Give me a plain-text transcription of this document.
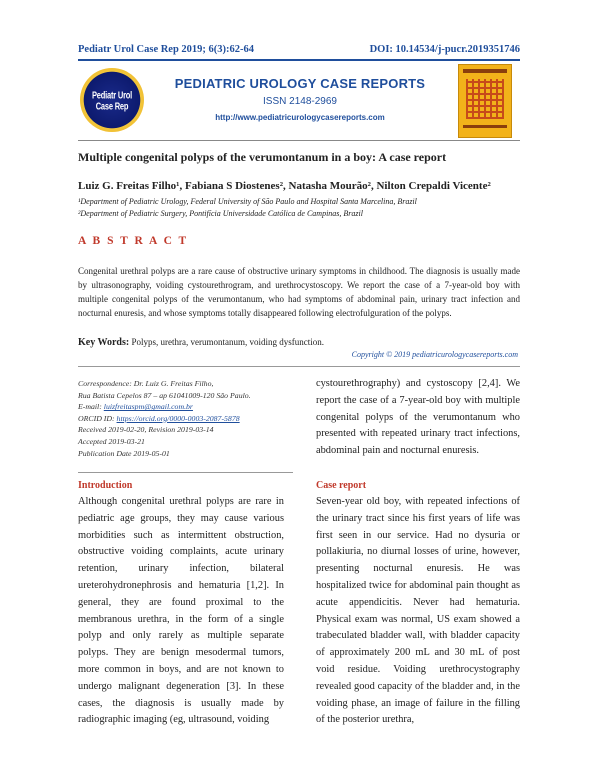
Pediatr Urol Case Rep 2019; 6(3):62-64	DOI: 10.14534/j-pucr.2019351746
Pediatr Urol Case Rep
PEDIATRIC UROLOGY CASE REPORTS
ISSN 2148-2969
http://www.pediatricurologycasereports.com
Multiple congenital polyps of the verumontanum in a boy: A case report
Luiz G. Freitas Filho¹, Fabiana S Diostenes², Natasha Mourão², Nilton Crepaldi Vicente²
¹Department of Pediatric Urology, Federal University of São Paulo and Hospital Santa Marcelina, Brazil
²Department of Pediatric Surgery, Pontifícia Universidade Católica de Campinas, Brazil
A B S T R A C T
Congenital urethral polyps are a rare cause of obstructive urinary symptoms in childhood. The diagnosis is usually made by ultrasonography, voiding cystourethrogram, and urethrocystoscopy. We report the case of a 7-year-old boy with multiple congenital polyps of the verumontanum, who had symptoms of abdominal pain, urinary tract infection and nocturnal enuresis, and whose symptoms totally disappeared following electrofulguration of the polyps.
Key Words: Polyps, urethra, verumontanum, voiding dysfunction.
Copyright © 2019 pediatricurologycasereports.com
Correspondence: Dr. Luiz G. Freitas Filho,
Rua Batista Cepelos 87 – ap 61041009-120 São Paulo.
E-mail: luizfreitaspm@gmail.com.br
ORCID ID: https://orcid.org/0000-0003-2087-5878
Received 2019-02-20, Revision 2019-03-14
Accepted 2019-03-21
Publication Date 2019-05-01
cystourethrography) and cystoscopy [2,4]. We report the case of a 7-year-old boy with multiple congenital polyps of the verumontanum who presented with repeated urinary tract infections, abdominal pain and nocturnal enuresis.
Introduction
Although congenital urethral polyps are rare in pediatric age groups, they may cause various morbidities such as intermittent obstruction, obstructive voiding complaints, acute urinary retention, urinary infection, bilateral ureterohydronephrosis and hematuria [1,2]. In general, they are found proximal to the membranous urethra, in the form of a single polyp and only rarely as multiple separate polyps. They are benign mesodermal tumors, more common in boys, and are not known to undergo malignant degeneration [3]. In these cases, the diagnosis is usually made by radiographic imaging (eg, ultrasound, voiding
Case report
Seven-year old boy, with repeated infections of the urinary tract since his first years of life was first seen in our service. Had no dysuria or pollakiuria, no diurnal losses of urine, however, presenting nocturnal enuresis. He was hospitalized twice for abdominal pain thought as acute appendicitis. Never had hematuria. Physical exam was normal, US exam showed a trabeculated bladder wall, with bladder capacity of approximately 200 mL and 30 mL of post void residue. Voiding urethrocystography revealed good capacity of the bladder and, in the voiding phase, an image of failure in the filling of the posterior urethra,
